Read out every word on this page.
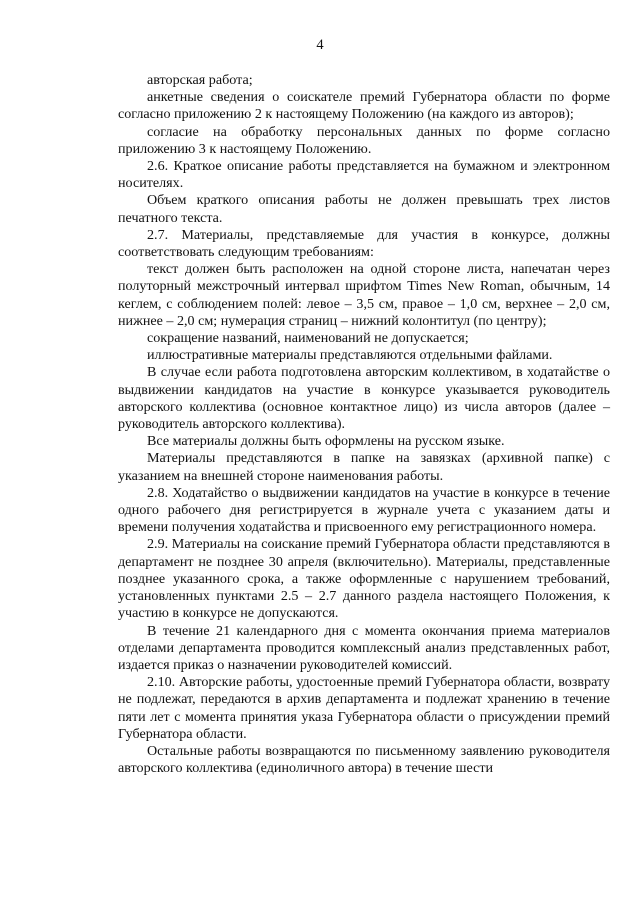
4

авторская работа;

анкетные сведения о соискателе премий Губернатора области по форме согласно приложению 2 к настоящему Положению (на каждого из авторов);

согласие на обработку персональных данных по форме согласно приложению 3 к настоящему Положению.

2.6. Краткое описание работы представляется на бумажном и электронном носителях.

Объем краткого описания работы не должен превышать трех листов печатного текста.

2.7. Материалы, представляемые для участия в конкурсе, должны соответствовать следующим требованиям:

текст должен быть расположен на одной стороне листа, напечатан через полуторный межстрочный интервал шрифтом Times New Roman, обычным, 14 кеглем, с соблюдением полей: левое – 3,5 см, правое – 1,0 см, верхнее – 2,0 см, нижнее – 2,0 см; нумерация страниц – нижний колонтитул (по центру);

сокращение названий, наименований не допускается;

иллюстративные материалы представляются отдельными файлами.

В случае если работа подготовлена авторским коллективом, в ходатайстве о выдвижении кандидатов на участие в конкурсе указывается руководитель авторского коллектива (основное контактное лицо) из числа авторов (далее – руководитель авторского коллектива).

Все материалы должны быть оформлены на русском языке.

Материалы представляются в папке на завязках (архивной папке) с указанием на внешней стороне наименования работы.

2.8. Ходатайство о выдвижении кандидатов на участие в конкурсе в течение одного рабочего дня регистрируется в журнале учета с указанием даты и времени получения ходатайства и присвоенного ему регистрационного номера.

2.9. Материалы на соискание премий Губернатора области представляются в департамент не позднее 30 апреля (включительно). Материалы, представленные позднее указанного срока, а также оформленные с нарушением требований, установленных пунктами 2.5 – 2.7 данного раздела настоящего Положения, к участию в конкурсе не допускаются.

В течение 21 календарного дня с момента окончания приема материалов отделами департамента проводится комплексный анализ представленных работ, издается приказ о назначении руководителей комиссий.

2.10. Авторские работы, удостоенные премий Губернатора области, возврату не подлежат, передаются в архив департамента и подлежат хранению в течение пяти лет с момента принятия указа Губернатора области о присуждении премий Губернатора области.

Остальные работы возвращаются по письменному заявлению руководителя авторского коллектива (единоличного автора) в течение шести
